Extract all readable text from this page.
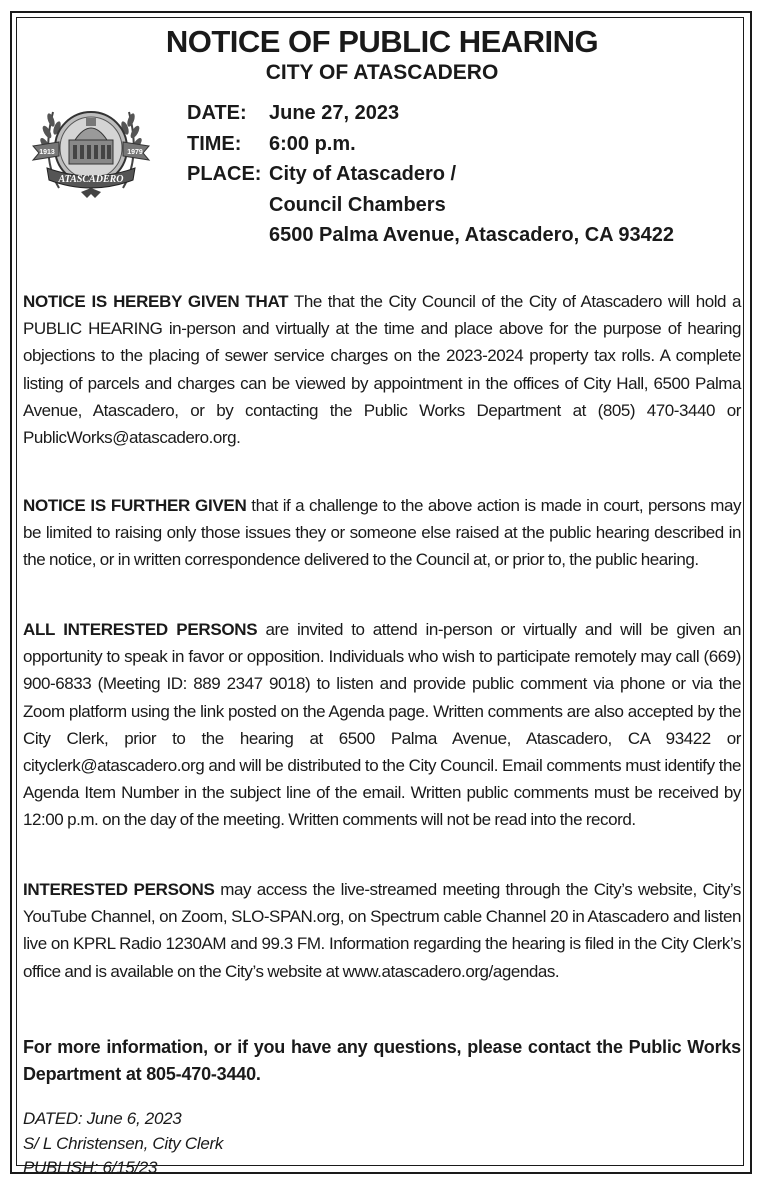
NOTICE OF PUBLIC HEARING
CITY OF ATASCADERO
1913	1979
ATASCADERO
DATE:	June 27, 2023
TIME:	6:00 p.m.
PLACE: City of Atascadero /
Council Chambers
6500 Palma Avenue, Atascadero, CA 93422

NOTICE IS HEREBY GIVEN THAT The that the City Council of the City of Atascadero will hold a PUBLIC HEARING in-person and virtually at the time and place above for the purpose of hearing objections to the placing of sewer service charges on the 2023-2024 property tax rolls. A complete listing of parcels and charges can be viewed by appointment in the offices of City Hall, 6500 Palma Avenue, Atascadero, or by contacting the Public Works Department at (805) 470-3440 or PublicWorks@atascadero.org.

NOTICE IS FURTHER GIVEN that if a challenge to the above action is made in court, persons may be limited to raising only those issues they or someone else raised at the public hearing described in the notice, or in written correspondence delivered to the Council at, or prior to, the public hearing.

ALL INTERESTED PERSONS are invited to attend in-person or virtually and will be given an opportunity to speak in favor or opposition. Individuals who wish to participate remotely may call (669) 900-6833 (Meeting ID: 889 2347 9018) to listen and provide public comment via phone or via the Zoom platform using the link posted on the Agenda page. Written comments are also accepted by the City Clerk, prior to the hearing at 6500 Palma Avenue, Atascadero, CA 93422 or cityclerk@atascadero.org and will be distributed to the City Council. Email comments must identify the Agenda Item Number in the subject line of the email. Written public comments must be received by 12:00 p.m. on the day of the meeting. Written comments will not be read into the record.

INTERESTED PERSONS may access the live-streamed meeting through the City’s website, City’s YouTube Channel, on Zoom, SLO-SPAN.org, on Spectrum cable Channel 20 in Atascadero and listen live on KPRL Radio 1230AM and 99.3 FM. Information regarding the hearing is filed in the City Clerk’s office and is available on the City’s website at www.atascadero.org/agendas.

For more information, or if you have any questions, please contact the Public Works Department at 805-470-3440.

DATED: June 6, 2023
S/ L Christensen, City Clerk
PUBLISH: 6/15/23
